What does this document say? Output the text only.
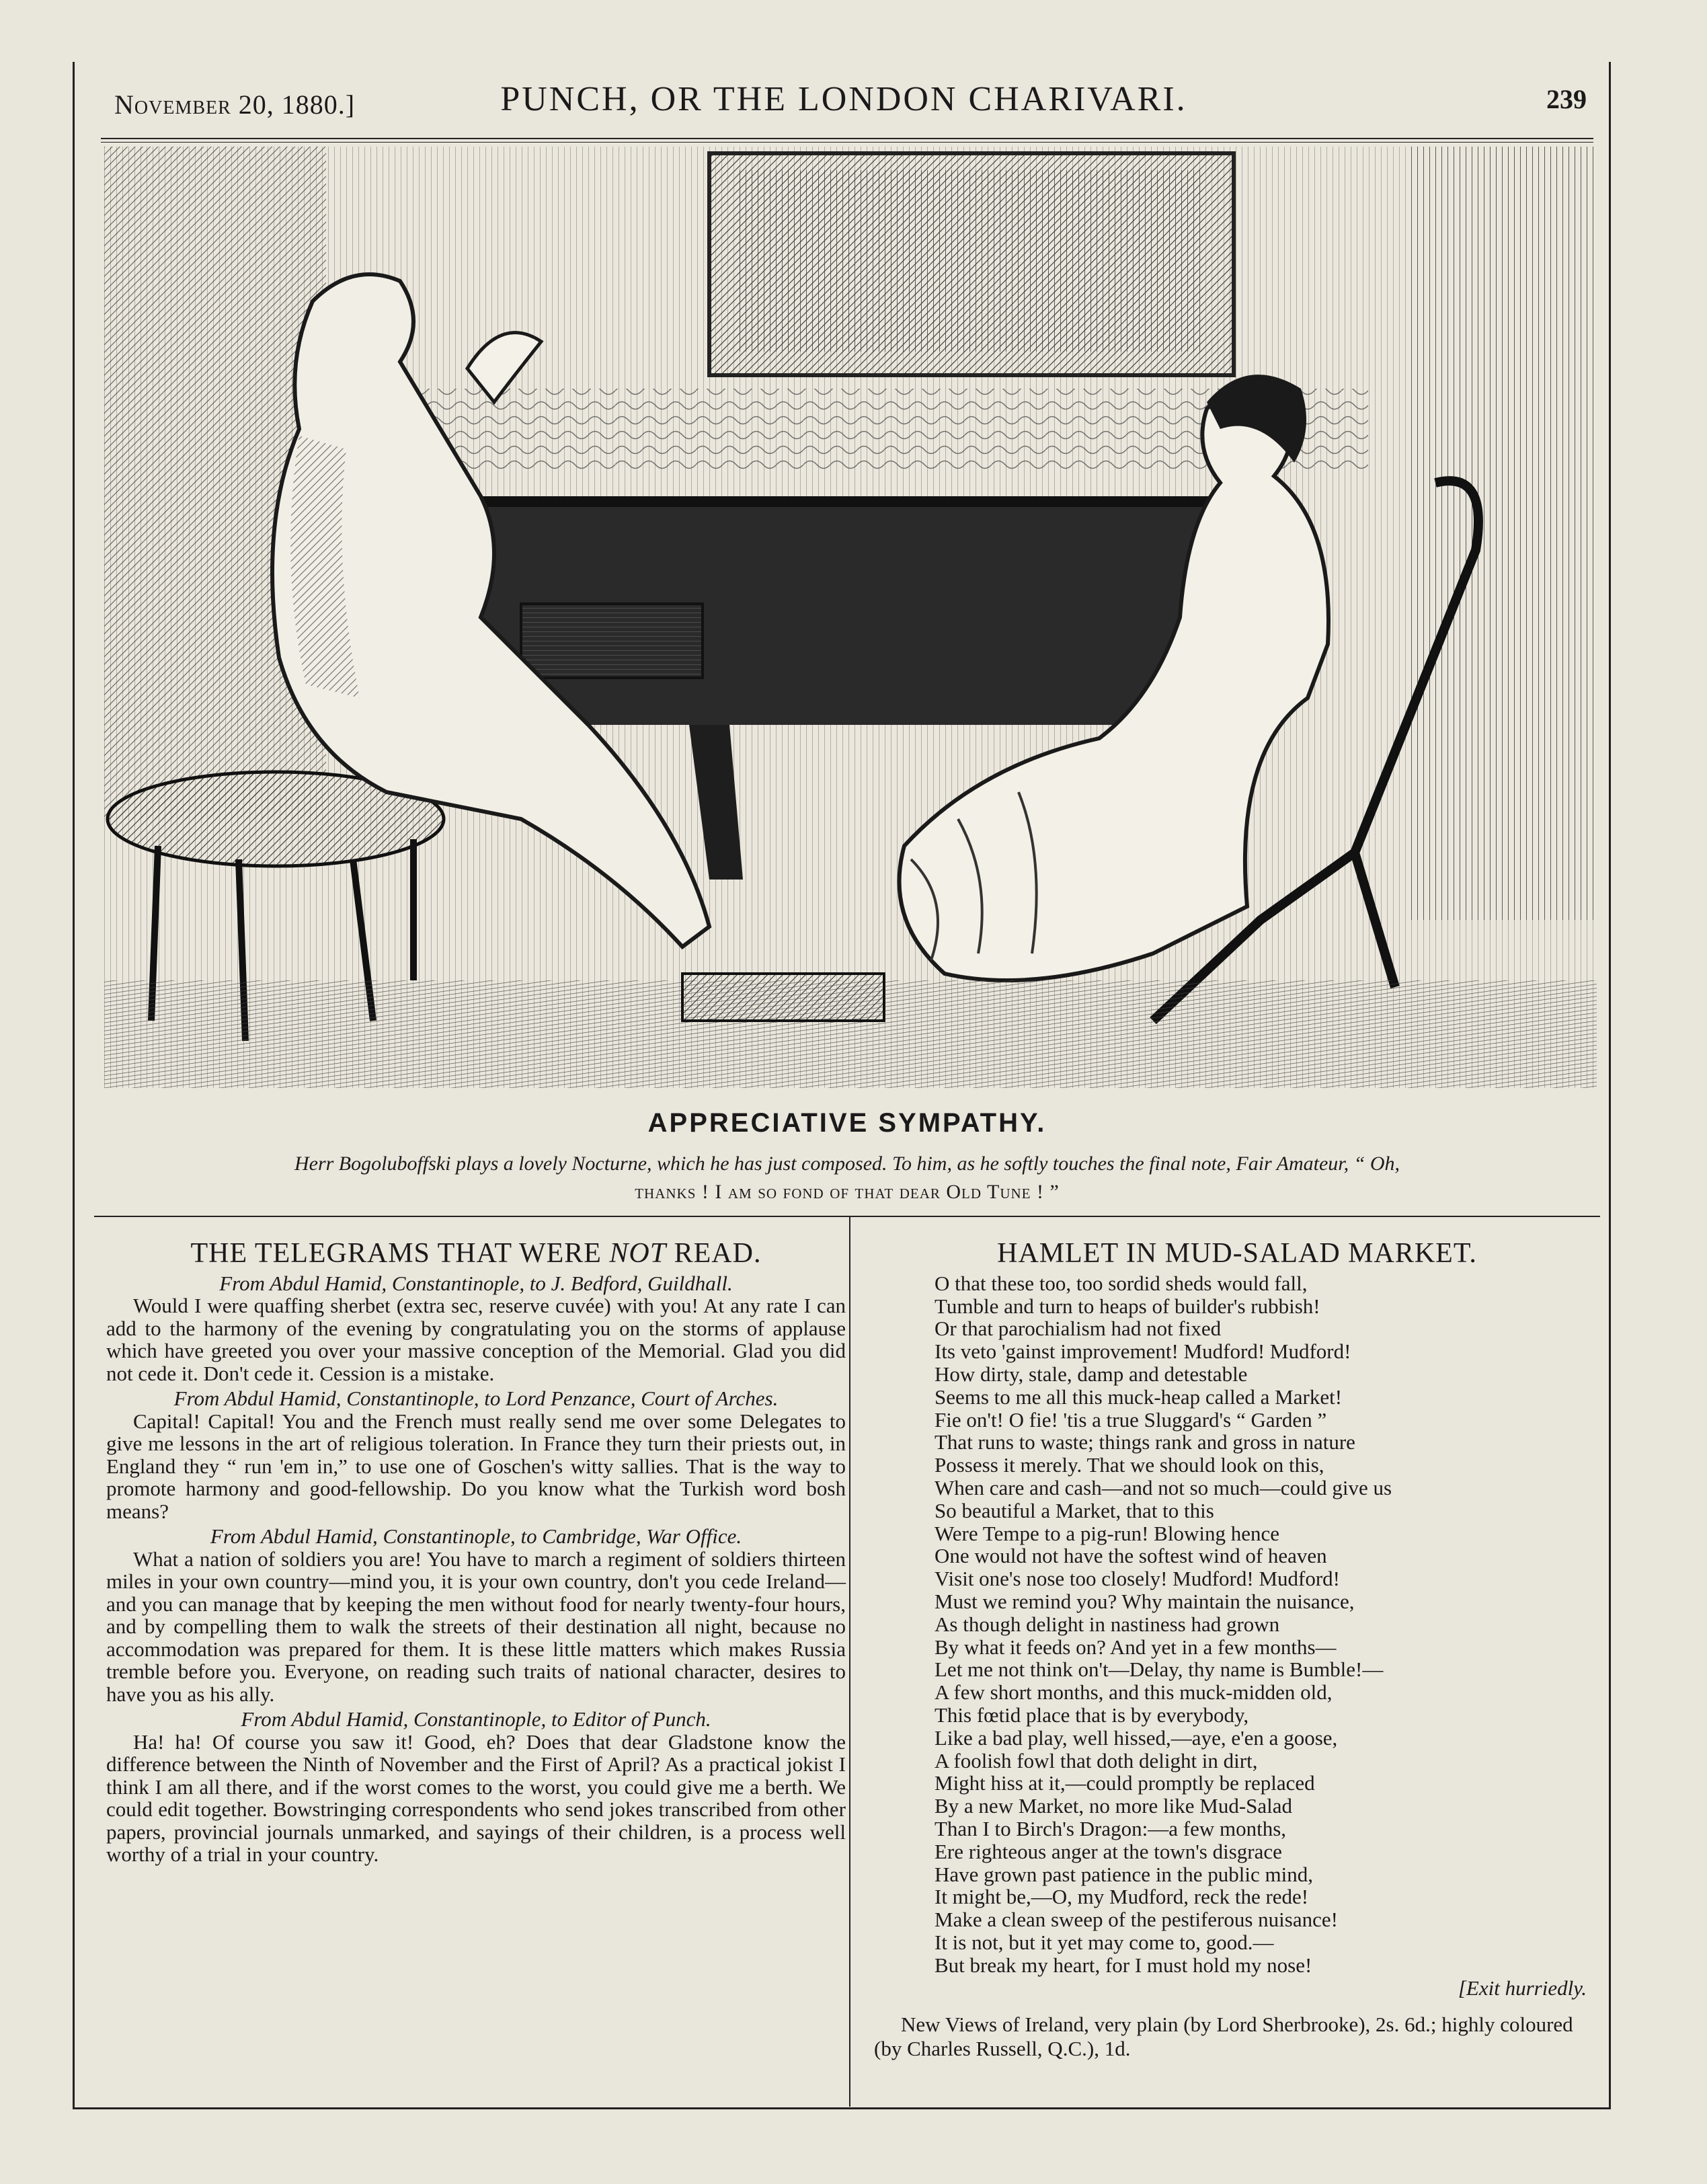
November 20, 1880.]	PUNCH, OR THE LONDON CHARIVARI.	239
APPRECIATIVE SYMPATHY.
Herr Bogoluboffski plays a lovely Nocturne, which he has just composed. To him, as he softly touches the final note, Fair Amateur, “ Oh,
thanks ! I am so fond of that dear Old Tune ! ”
THE TELEGRAMS THAT WERE NOT READ.
From Abdul Hamid, Constantinople, to J. Bedford, Guildhall.

Would I were quaffing sherbet (extra sec, reserve cuvée) with you! At any rate I can add to the harmony of the evening by congratulating you on the storms of applause which have greeted you over your massive conception of the Memorial. Glad you did not cede it. Don't cede it. Cession is a mistake.

From Abdul Hamid, Constantinople, to Lord Penzance, Court of Arches.

Capital! Capital! You and the French must really send me over some Delegates to give me lessons in the art of religious toleration. In France they turn their priests out, in England they “ run 'em in,” to use one of Goschen's witty sallies. That is the way to promote harmony and good-fellowship. Do you know what the Turkish word bosh means?

From Abdul Hamid, Constantinople, to Cambridge, War Office.

What a nation of soldiers you are! You have to march a regiment of soldiers thirteen miles in your own country—mind you, it is your own country, don't you cede Ireland—and you can manage that by keeping the men without food for nearly twenty-four hours, and by compelling them to walk the streets of their destination all night, because no accommodation was prepared for them. It is these little matters which makes Russia tremble before you. Everyone, on reading such traits of national character, desires to have you as his ally.

From Abdul Hamid, Constantinople, to Editor of Punch.

Ha! ha! Of course you saw it! Good, eh? Does that dear Gladstone know the difference between the Ninth of November and the First of April? As a practical jokist I think I am all there, and if the worst comes to the worst, you could give me a berth. We could edit together. Bowstringing correspondents who send jokes transcribed from other papers, provincial journals unmarked, and sayings of their children, is a process well worthy of a trial in your country.

HAMLET IN MUD-SALAD MARKET.

O that these too, too sordid sheds would fall,

Tumble and turn to heaps of builder's rubbish!

Or that parochialism had not fixed

Its veto 'gainst improvement! Mudford! Mudford!

How dirty, stale, damp and detestable

Seems to me all this muck-heap called a Market!

Fie on't! O fie! 'tis a true Sluggard's “ Garden ”

That runs to waste; things rank and gross in nature

Possess it merely. That we should look on this,

When care and cash—and not so much—could give us

So beautiful a Market, that to this

Were Tempe to a pig-run! Blowing hence

One would not have the softest wind of heaven

Visit one's nose too closely! Mudford! Mudford!

Must we remind you? Why maintain the nuisance,

As though delight in nastiness had grown

By what it feeds on? And yet in a few months—

Let me not think on't—Delay, thy name is Bumble!—

A few short months, and this muck-midden old,

This fœtid place that is by everybody,

Like a bad play, well hissed,—aye, e'en a goose,

A foolish fowl that doth delight in dirt,

Might hiss at it,—could promptly be replaced

By a new Market, no more like Mud-Salad

Than I to Birch's Dragon:—a few months,

Ere righteous anger at the town's disgrace

Have grown past patience in the public mind,

It might be,—O, my Mudford, reck the rede!

Make a clean sweep of the pestiferous nuisance!

It is not, but it yet may come to, good.—

But break my heart, for I must hold my nose!

[Exit hurriedly.
New Views of Ireland, very plain (by Lord Sherbrooke), 2s. 6d.; highly coloured (by Charles Russell, Q.C.), 1d.
